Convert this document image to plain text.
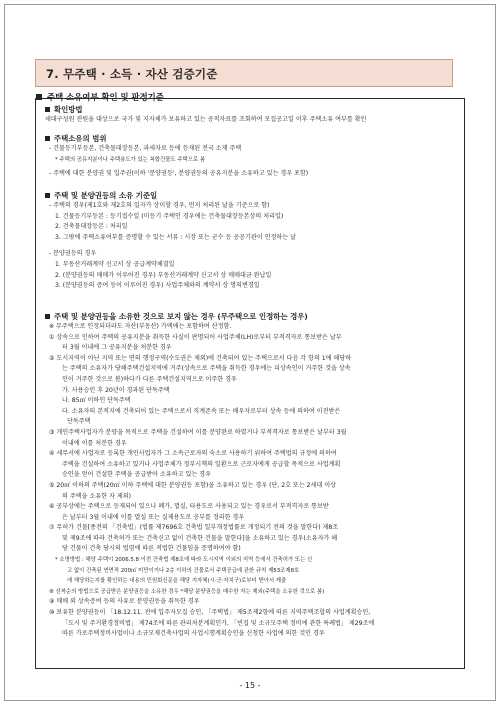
7. 무주택 · 소득 · 자산 검증기준
주택 소유여부 확인 및 판정기준
확인방법
세대구성원 전원을 대상으로 국가 및 지자체가 보유하고 있는 공적자료를 조회하여 모집공고일 이후 주택소유 여부를 확인
주택소유의 범위
- 건물등기부등본, 건축물대장등본, 과세자료 등에 등재된 전국 소재 주택
* 주택의 공유지분이나 주택용도가 있는 복합건물도 주택으로 봄
- 주택에 대한 분양권 및 입주권(이하 '분양권등', 분양권등의 공유지분을 소유하고 있는 경우 포함)
주택 및 분양권등의 소유 기준일
- 주택의 경우(제1호와 제2호의 일자가 상이할 경우, 먼저 처리된 날을 기준으로 함)
1. 건물등기부등본 : 등기접수일 (미등기 주택인 경우에는 건축물대장등본상의 처리일)
2. 건축물대장등본 : 처리일
3. 그밖에 주택소유여부를 증명할 수 있는 서류 : 시장 또는 군수 등 공공기관이 인정하는 날
- 분양권등의 경우
1. 부동산거래계약 신고서 상 공급계약체결일
2. (분양권등의 매매가 이루어진 경우) 부동산거래계약 신고서 상 매매대금 완납일
3. (분양권등의 증여 등이 이루어진 경우) 사업주체와의 계약서 상 명의변경일
주택 및 분양권등을 소유한 것으로 보지 않는 경우 (무주택으로 인정하는 경우)
※ 무주택으로 인정되더라도 자산(부동산) 가액에는 포함하여 산정함.
① 상속으로 인하여 주택의 공유지분을 취득한 사실이 판명되어 사업주체(LH)로부터 부적격자로 통보받은 날부
터 3월 이내에 그 공유지분을 처분한 경우
② 도시지역이 아닌 지역 또는 면의 행정구역(수도권은 제외)에 건축되어 있는 주택으로서 다음 각 항의 1에 해당하
는 주택의 소유자가 당해주택건설지역에 거주(상속으로 주택을 취득한 경우에는 피상속인이 거주한 것을 상속
인이 거주한 것으로 봄)하다가 다른 주택건설지역으로 이주한 경우
가. 사용승인 후 20년이 경과된 단독주택
나. 85㎡ 이하인 단독주택
다. 소유자의 본적지에 건축되어 있는 주택으로서 직계존속 또는 배우자로부터 상속 등에 의하여 이전받은
단독주택
③ 개인주택사업자가 분양을 목적으로 주택을 건설하여 이를 분양완료 하였거나 부적격자로 통보받은 날부터 3월
이내에 이를 처분한 경우
④ 세무서에 사업자로 등록한 개인사업자가 그 소속근로자의 숙소로 사용하기 위하여 주택법의 규정에 의하여
주택을 건설하여 소유하고 있거나 사업주체가 정부시책의 일환으로 근로자에게 공급할 목적으로 사업계획
승인을 얻어 건설한 주택을 공급받아 소유하고 있는 경우
⑤ 20㎡ 이하의 주택(20㎡ 이하 주택에 대한 분양권등 포함)을 소유하고 있는 경우 (단, 2호 또는 2세대 이상
의 주택을 소유한 자 제외)
⑥ 공부상에는 주택으로 등재되어 있으나 폐가, 멸실, 타용도로 사용되고 있는 경우로서 부적격자로 통보받
은 날부터 3월 이내에 이를 멸실 또는 실제용도로 공부를 정리한 경우
⑦ 무허가 건물[종전의 「건축법」(법률 제7696호 건축법 일부개정법률로 개정되기 전의 것을 말한다) 제8조
및 제9조에 따라 건축허가 또는 건축신고 없이 건축한 건물을 말한다]을 소유하고 있는 경우(소유자가 해
당 건물이 건축 당시의 법령에 따른 적법한 건물임을 증명하여야 함)
* 소명방법 : 해당 주택이 2006.5.8 이전 건축법 제8조에 따라 도시지역 이외의 지역 등에서 건축허가 또는 신
고 없이 건축된 연면적 200㎡ 미만이거나 2층 이하의 건물로서 주택공급에 관한 규칙 제53조제8호
에 해당하는지를 확인하는 내용의 민원회신문을 해당 지자체(시·군·자치구)로부터 받아서 제출
⑧ 선착순의 방법으로 공급받은 분양권등을 소유한 경우 *해당 분양권등을 매수한 자는 제외(주택을 소유한 것으로 봄)
⑨ 매매 외 상속증여 등의 사유로 분양권등을 취득한 경우
⑩ 보유한 분양권등이 「18.12.11. 전에 입주자모집 승인, 「주택법」 제5조제2항에 따른 지역주택조합의 사업계획승인,
「도시 및 주거환경정비법」 제74조에 따른 관리처분계획인가, 「빈집 및 소규모주택 정비에 관한 특례법」 제29조에
따른 가로주택정비사업이나 소규모재건축사업의 사업시행계획승인을 신청한 사업에 의한 것인 경우
- 15 -
